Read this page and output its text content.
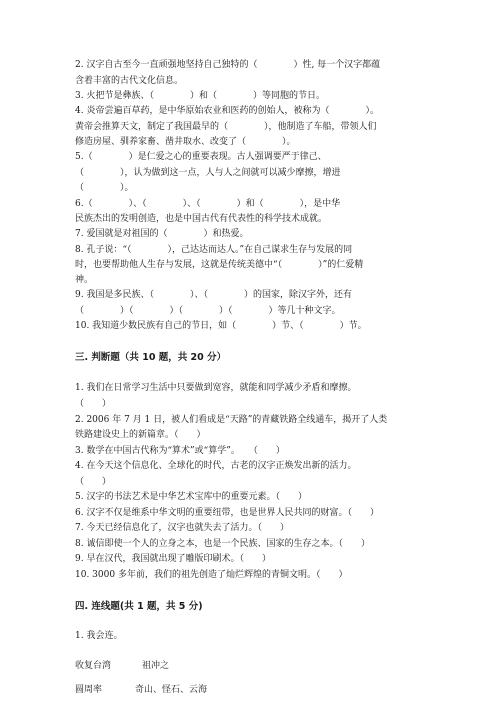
2. 汉字自古至今一直顽强地坚持自己独特的（　　　　）性, 每一个汉字都蕴
含着丰富的古代文化信息。
3. 火把节是彝族、（　　　　）和（　　　　）等同胞的节日。
4. 炎帝尝遍百草药，是中华原始农业和医药的创始人，被称为（　　　　）。
黄帝会推算天文，制定了我国最早的（　　　　），他制造了车船，带领人们
修造房屋、驯养家畜、凿井取水、改变了（　　　　）。
5.（　　　　）是仁爱之心的重要表现。古人强调要严于律己、
（　　　　），认为做到这一点，人与人之间就可以减少摩擦，增进
（　　　　）。
6.（　　　　）、（　　　　）、（　　　　）和（　　　　），是中华
民族杰出的发明创造，也是中国古代有代表性的科学技术成就。
7. 爱国就是对祖国的（　　　　）和热爱。
8. 孔子说：“（　　　　），己达达而达人。”在自己谋求生存与发展的同
时，也要帮助他人生存与发展，这就是传统美德中“（　　　　）”的仁爱精
神。
9. 我国是多民族、（　　　　）、（　　　　）的国家，除汉字外，还有
（　　　　）（　　　　）（　　　　）（　　　　）等几十种文字。
10. 我知道少数民族有自己的节日，如（　　　　）节、（　　　　）节。
三. 判断题（共 10 题，共 20 分）
1. 我们在日常学习生活中只要做到宽容，就能和同学减少矛盾和摩擦。
（　　）
2. 2006 年 7 月 1 日，被人们看成是“天路”的青藏铁路全线通车，揭开了人类
铁路建设史上的新篇章。（　　）
3. 数学在中国古代称为“算术”或“算学”。　　（　　）
4. 在今天这个信息化、全球化的时代，古老的汉字正焕发出新的活力。
（　　）
5. 汉字的书法艺术是中华艺术宝库中的重要元素。（　　）
6. 汉字不仅是维系中华文明的重要纽带，也是世界人民共同的财富。（　　）
7. 今天已经信息化了，汉字也就失去了活力。（　　）
8. 诚信即使一个人的立身之本，也是一个民族、国家的生存之本。（　　）
9. 早在汉代，我国就出现了雕版印刷术。（　　）
10. 3000 多年前，我们的祖先创造了灿烂辉煌的青铜文明。（　　）
四. 连线题(共 1 题，共 5 分)
1. 我会连。
收复台湾	祖冲之
圆周率	奇山、怪石、云海
